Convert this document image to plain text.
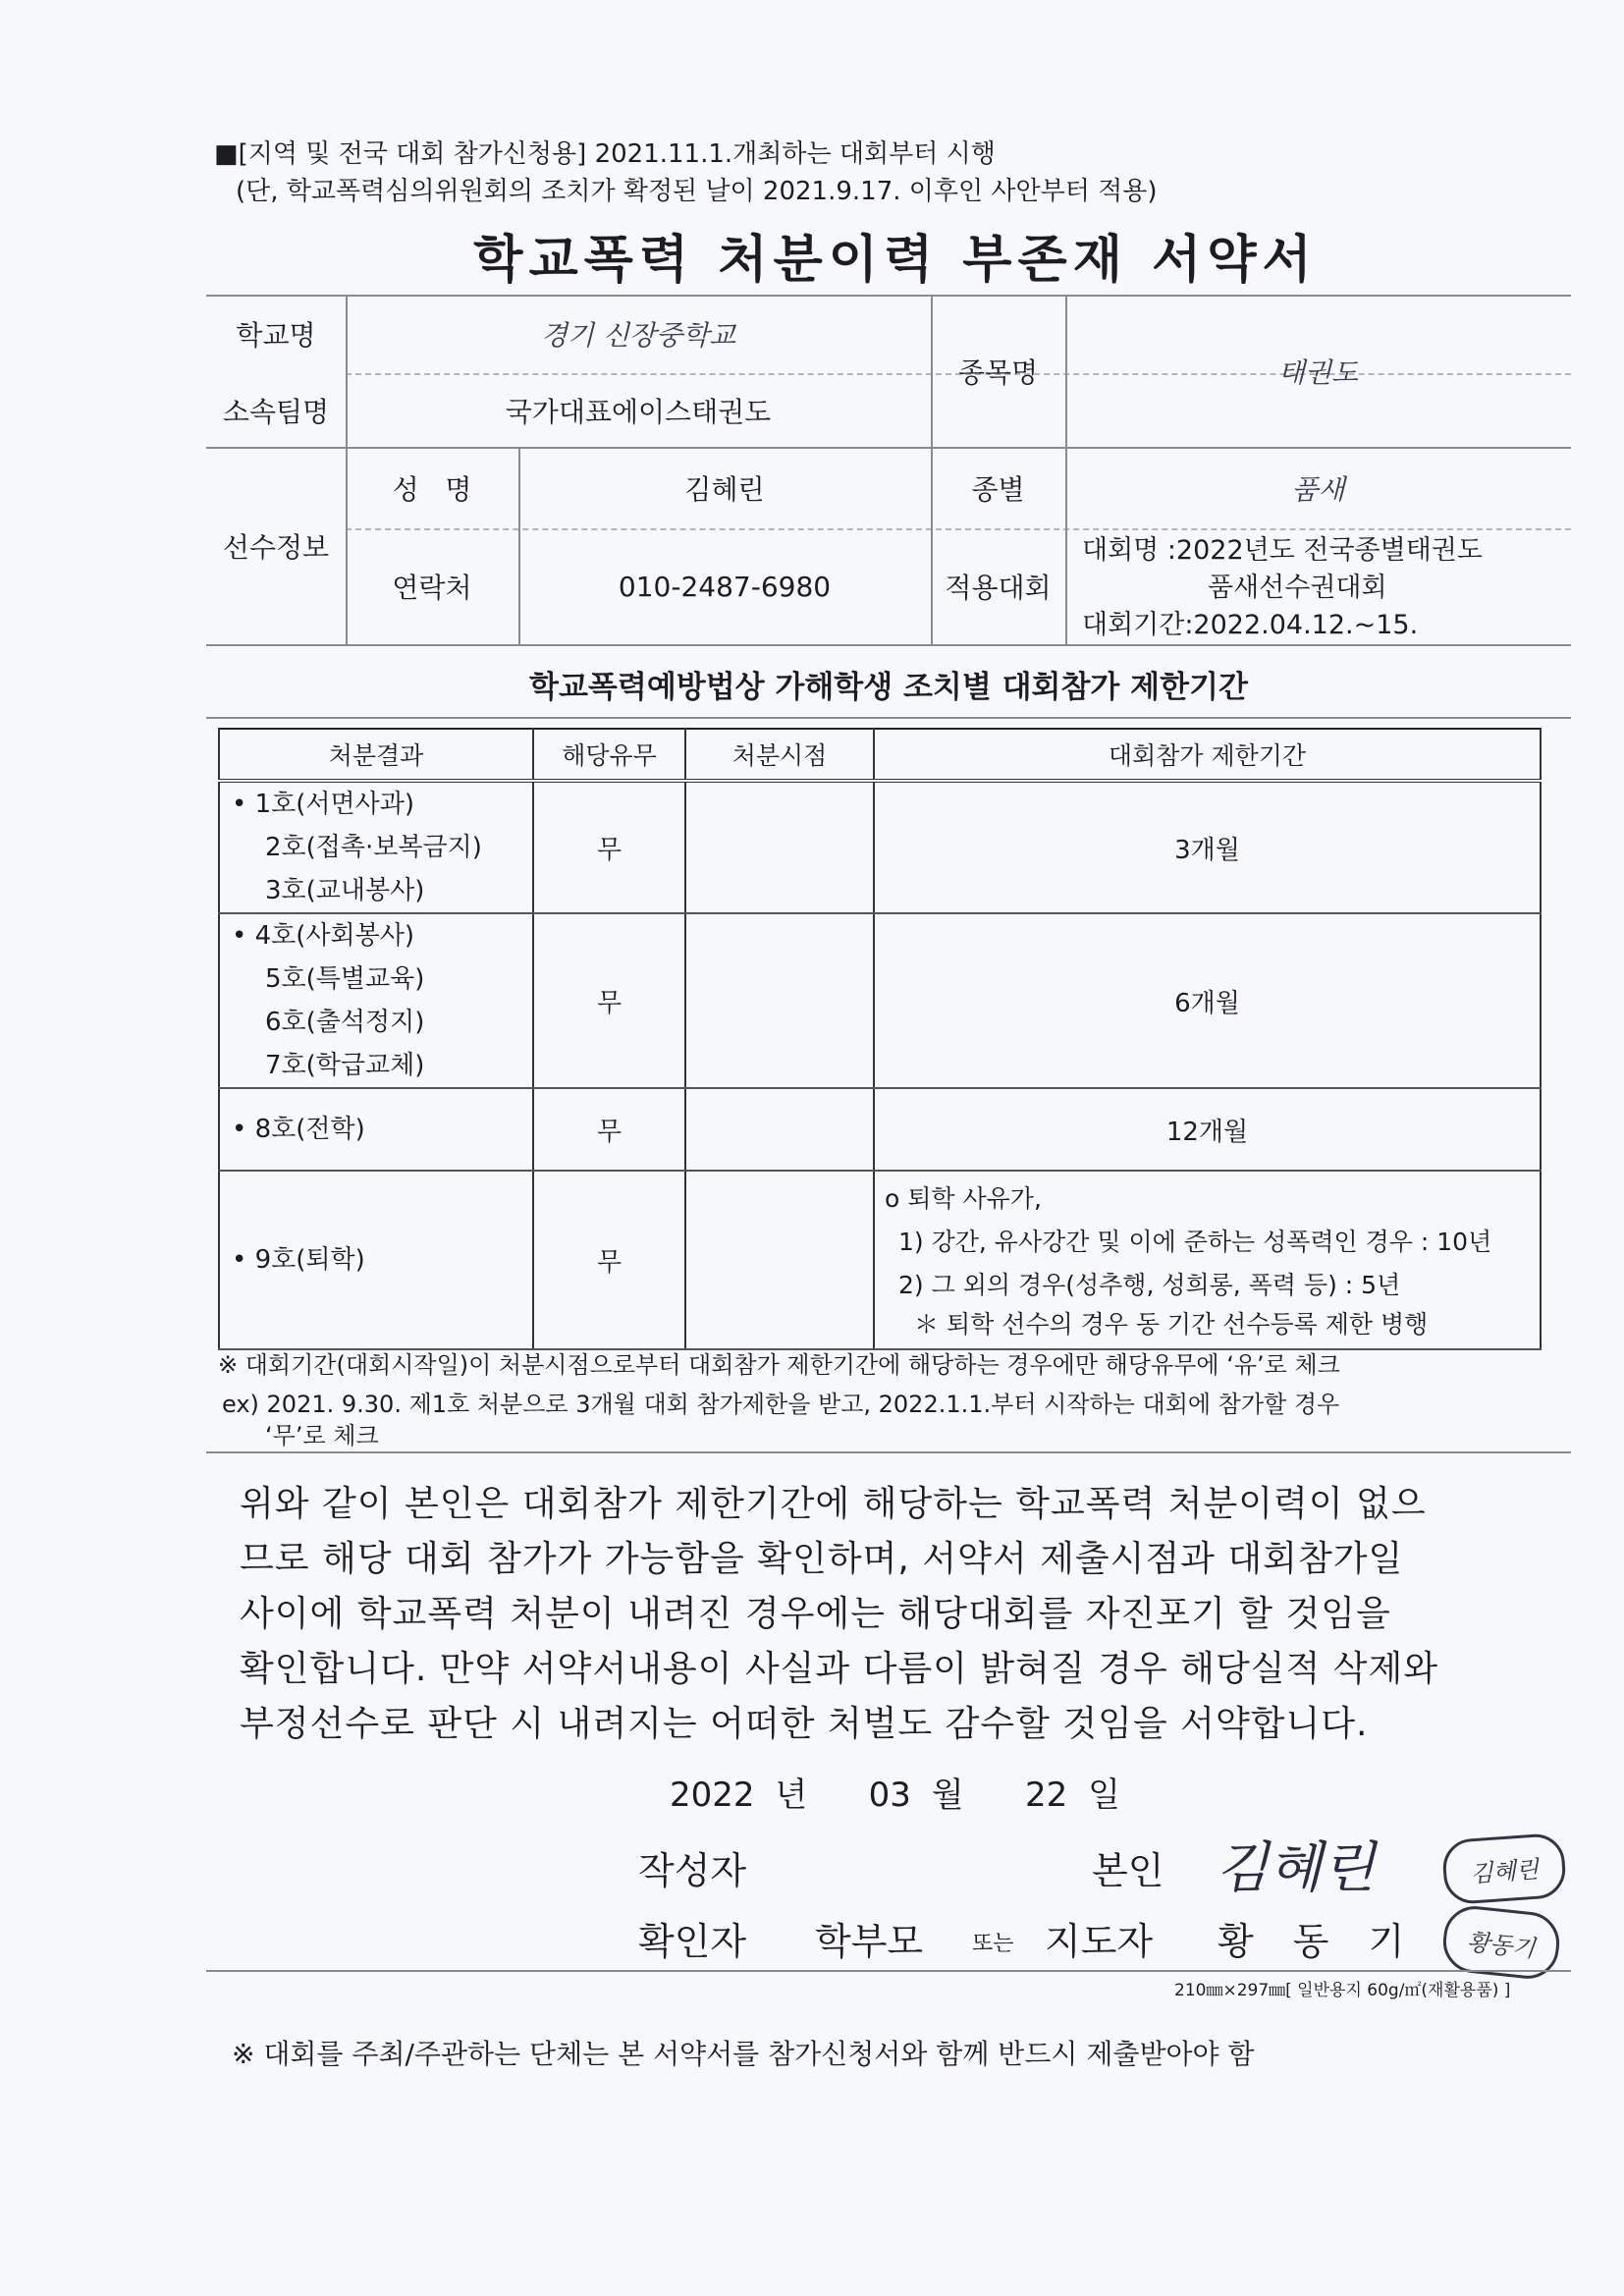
■[지역 및 전국 대회 참가신청용] 2021.11.1.개최하는 대회부터 시행
(단, 학교폭력심의위원회의 조치가 확정된 날이 2021.9.17. 이후인 사안부터 적용)
학교폭력 처분이력 부존재 서약서
학교명	경기 신장중학교
소속팀명	국가대표에이스태권도
종목명	태권도
선수정보
성   명	김혜린	종별	품새
연락처	010-2487-6980	적용대회
대회명 :2022년도 전국종별태권도
품새선수권대회
대회기간:2022.04.12.~15.
학교폭력예방법상 가해학생 조치별 대회참가 제한기간
처분결과	해당유무	처분시점	대회참가 제한기간

• 1호(서면사과)
2호(접촉·보복금지)
3호(교내봉사)	무		3개월

• 4호(사회봉사)
5호(특별교육)
6호(출석정지)
7호(학급교체)	무		6개월

• 8호(전학)	무		12개월

• 9호(퇴학)	무		o 퇴학 사유가,
1) 강간, 유사강간 및 이에 준하는 성폭력인 경우 : 10년
2) 그 외의 경우(성추행, 성희롱, 폭력 등) : 5년
＊ 퇴학 선수의 경우 동 기간 선수등록 제한 병행
※ 대회기간(대회시작일)이 처분시점으로부터 대회참가 제한기간에 해당하는 경우에만 해당유무에 ‘유’로 체크
ex) 2021. 9.30. 제1호 처분으로 3개월 대회 참가제한을 받고, 2022.1.1.부터 시작하는 대회에 참가할 경우
‘무’로 체크
위와 같이 본인은 대회참가 제한기간에 해당하는 학교폭력 처분이력이 없으
므로 해당 대회 참가가 가능함을 확인하며, 서약서 제출시점과 대회참가일
사이에 학교폭력 처분이 내려진 경우에는 해당대회를 자진포기 할 것임을
확인합니다. 만약 서약서내용이 사실과 다름이 밝혀질 경우 해당실적 삭제와
부정선수로 판단 시 내려지는 어떠한 처벌도 감수할 것임을 서약합니다.
2022 년 03 월 22 일
작성자	본인 김혜린	김혜린
확인자 학부모 또는 지도자 황 동 기	황동기
210㎜×297㎜[ 일반용지 60g/㎡(재활용품) ]
※ 대회를 주최/주관하는 단체는 본 서약서를 참가신청서와 함께 반드시 제출받아야 함
